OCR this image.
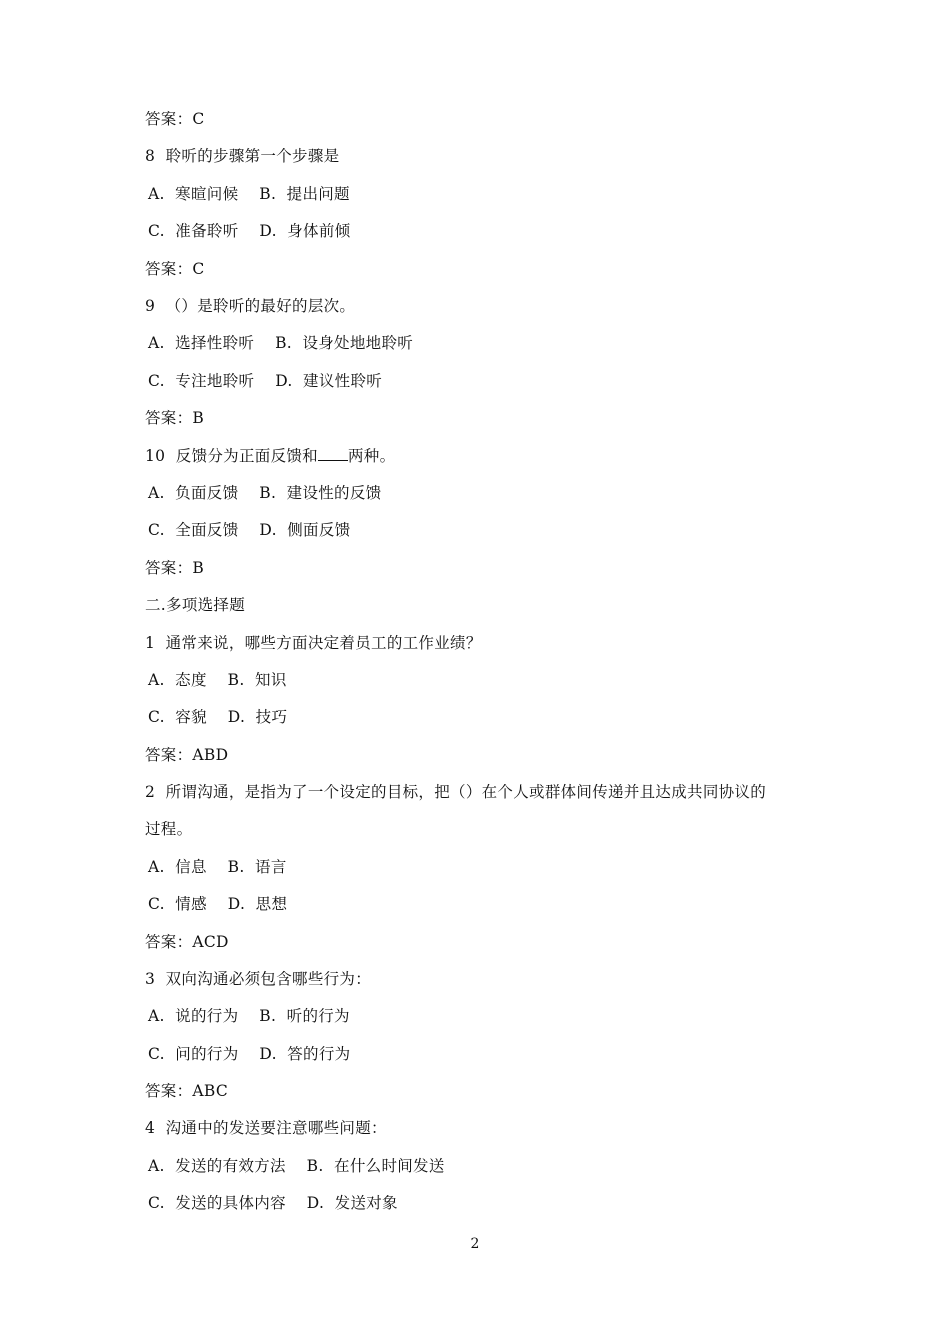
答案：C
8  聆听的步骤第一个步骤是
A.  寒暄问候    B.  提出问题
C.  准备聆听    D.  身体前倾
答案：C
9  （）是聆听的最好的层次。
A.  选择性聆听    B.  设身处地地聆听
C.  专注地聆听    D.  建议性聆听
答案：B
10  反馈分为正面反馈和 两种。
A.  负面反馈    B.  建设性的反馈
C.  全面反馈    D.  侧面反馈
答案：B
二.多项选择题
1  通常来说，哪些方面决定着员工的工作业绩？
A.  态度    B.  知识
C.  容貌    D.  技巧
答案：ABD
2  所谓沟通，是指为了一个设定的目标，把（）在个人或群体间传递并且达成共同协议的
过程。
A.  信息    B.  语言
C.  情感    D.  思想
答案：ACD
3  双向沟通必须包含哪些行为：
A.  说的行为    B.  听的行为
C.  问的行为    D.  答的行为
答案：ABC
4  沟通中的发送要注意哪些问题：
A.  发送的有效方法    B.  在什么时间发送
C.  发送的具体内容    D.  发送对象
2
